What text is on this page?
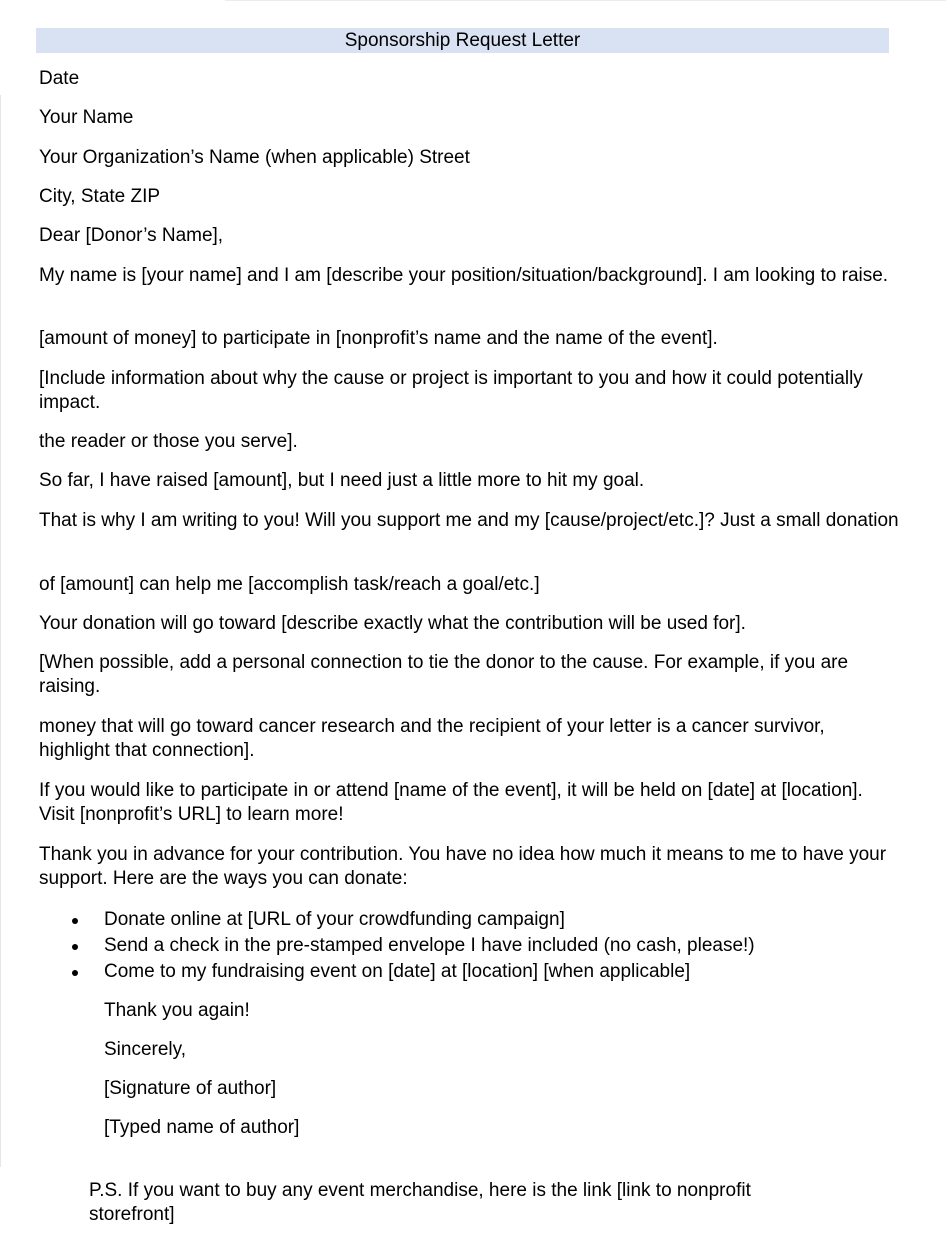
Sponsorship Request Letter

Date

Your Name

Your Organization’s Name (when applicable) Street

City, State ZIP

Dear [Donor’s Name],

My name is [your name] and I am [describe your position/situation/background]. I am looking to raise.

[amount of money] to participate in [nonprofit’s name and the name of the event].

[Include information about why the cause or project is important to you and how it could potentially impact.

the reader or those you serve].

So far, I have raised [amount], but I need just a little more to hit my goal.

That is why I am writing to you! Will you support me and my [cause/project/etc.]? Just a small donation

of [amount] can help me [accomplish task/reach a goal/etc.]

Your donation will go toward [describe exactly what the contribution will be used for].

[When possible, add a personal connection to tie the donor to the cause. For example, if you are raising.

money that will go toward cancer research and the recipient of your letter is a cancer survivor, highlight that connection].

If you would like to participate in or attend [name of the event], it will be held on [date] at [location]. Visit [nonprofit’s URL] to learn more!

Thank you in advance for your contribution. You have no idea how much it means to me to have your support. Here are the ways you can donate:

Donate online at [URL of your crowdfunding campaign]
Send a check in the pre-stamped envelope I have included (no cash, please!)
Come to my fundraising event on [date] at [location] [when applicable]
Thank you again!
Sincerely,
[Signature of author]
[Typed name of author]
P.S. If you want to buy any event merchandise, here is the link [link to nonprofit storefront]
